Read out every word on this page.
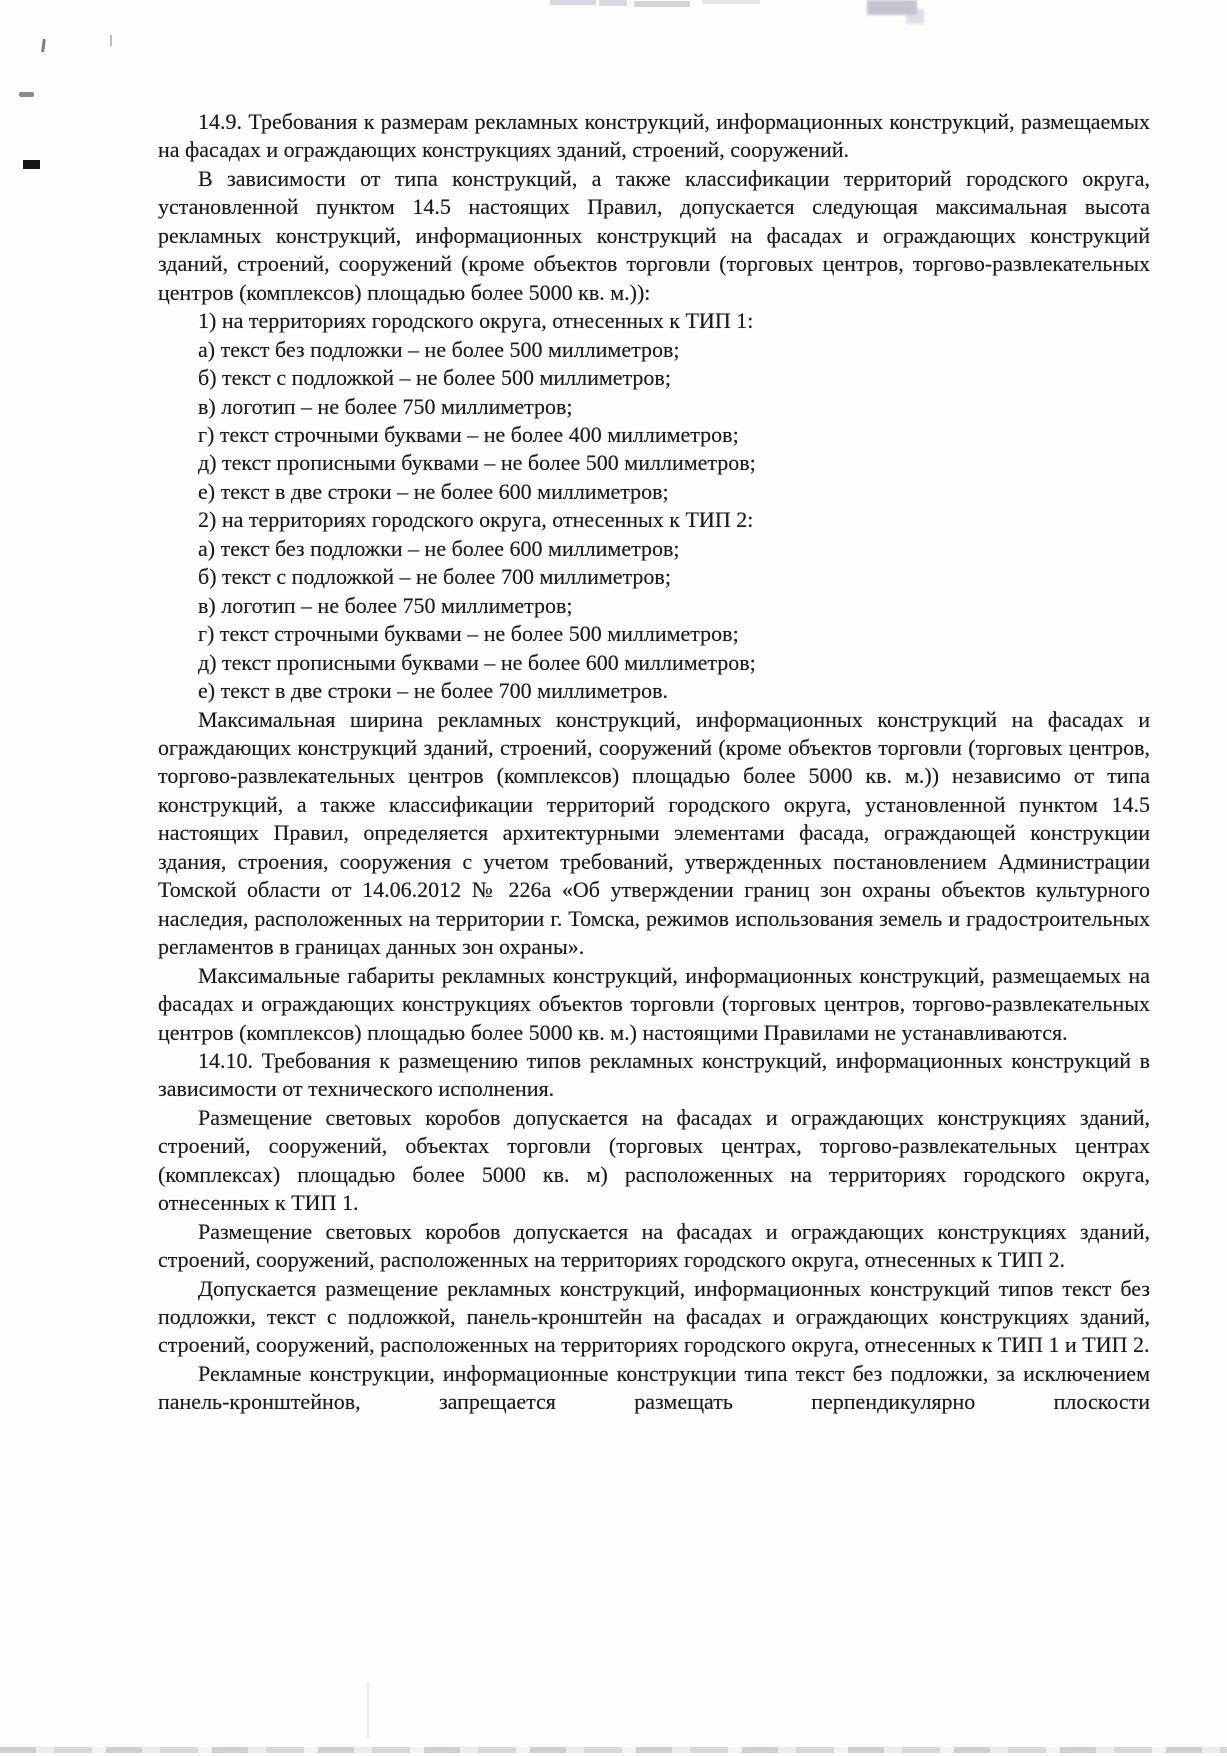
14.9. Требования к размерам рекламных конструкций, информационных конструкций, размещаемых на фасадах и ограждающих конструкциях зданий, строений, сооружений.

В зависимости от типа конструкций, а также классификации территорий городского округа, установленной пунктом 14.5 настоящих Правил, допускается следующая максимальная высота рекламных конструкций, информационных конструкций на фасадах и ограждающих конструкций зданий, строений, сооружений (кроме объектов торговли (торговых центров, торгово-развлекательных центров (комплексов) площадью более 5000 кв. м.)):

1) на территориях городского округа, отнесенных к ТИП 1:

а) текст без подложки – не более 500 миллиметров;

б) текст с подложкой – не более 500 миллиметров;

в) логотип – не более 750 миллиметров;

г) текст строчными буквами – не более 400 миллиметров;

д) текст прописными буквами – не более 500 миллиметров;

е) текст в две строки – не более 600 миллиметров;

2) на территориях городского округа, отнесенных к ТИП 2:

а) текст без подложки – не более 600 миллиметров;

б) текст с подложкой – не более 700 миллиметров;

в) логотип – не более 750 миллиметров;

г) текст строчными буквами – не более 500 миллиметров;

д) текст прописными буквами – не более 600 миллиметров;

е) текст в две строки – не более 700 миллиметров.

Максимальная ширина рекламных конструкций, информационных конструкций на фасадах и ограждающих конструкций зданий, строений, сооружений (кроме объектов торговли (торговых центров, торгово-развлекательных центров (комплексов) площадью более 5000 кв. м.)) независимо от типа конструкций, а также классификации территорий городского округа, установленной пунктом 14.5 настоящих Правил, определяется архитектурными элементами фасада, ограждающей конструкции здания, строения, сооружения с учетом требований, утвержденных постановлением Администрации Томской области от 14.06.2012 № 226а «Об утверждении границ зон охраны объектов культурного наследия, расположенных на территории г. Томска, режимов использования земель и градостроительных регламентов в границах данных зон охраны».

Максимальные габариты рекламных конструкций, информационных конструкций, размещаемых на фасадах и ограждающих конструкциях объектов торговли (торговых центров, торгово-развлекательных центров (комплексов) площадью более 5000 кв. м.) настоящими Правилами не устанавливаются.

14.10. Требования к размещению типов рекламных конструкций, информационных конструкций в зависимости от технического исполнения.

Размещение световых коробов допускается на фасадах и ограждающих конструкциях зданий, строений, сооружений, объектах торговли (торговых центрах, торгово-развлекательных центрах (комплексах) площадью более 5000 кв. м) расположенных на территориях городского округа, отнесенных к ТИП 1.

Размещение световых коробов допускается на фасадах и ограждающих конструкциях зданий, строений, сооружений, расположенных на территориях городского округа, отнесенных к ТИП 2.

Допускается размещение рекламных конструкций, информационных конструкций типов текст без подложки, текст с подложкой, панель-кронштейн на фасадах и ограждающих конструкциях зданий, строений, сооружений, расположенных на территориях городского округа, отнесенных к ТИП 1 и ТИП 2.

Рекламные конструкции, информационные конструкции типа текст без подложки, за исключением панель-кронштейнов, запрещается размещать перпендикулярно плоскости
